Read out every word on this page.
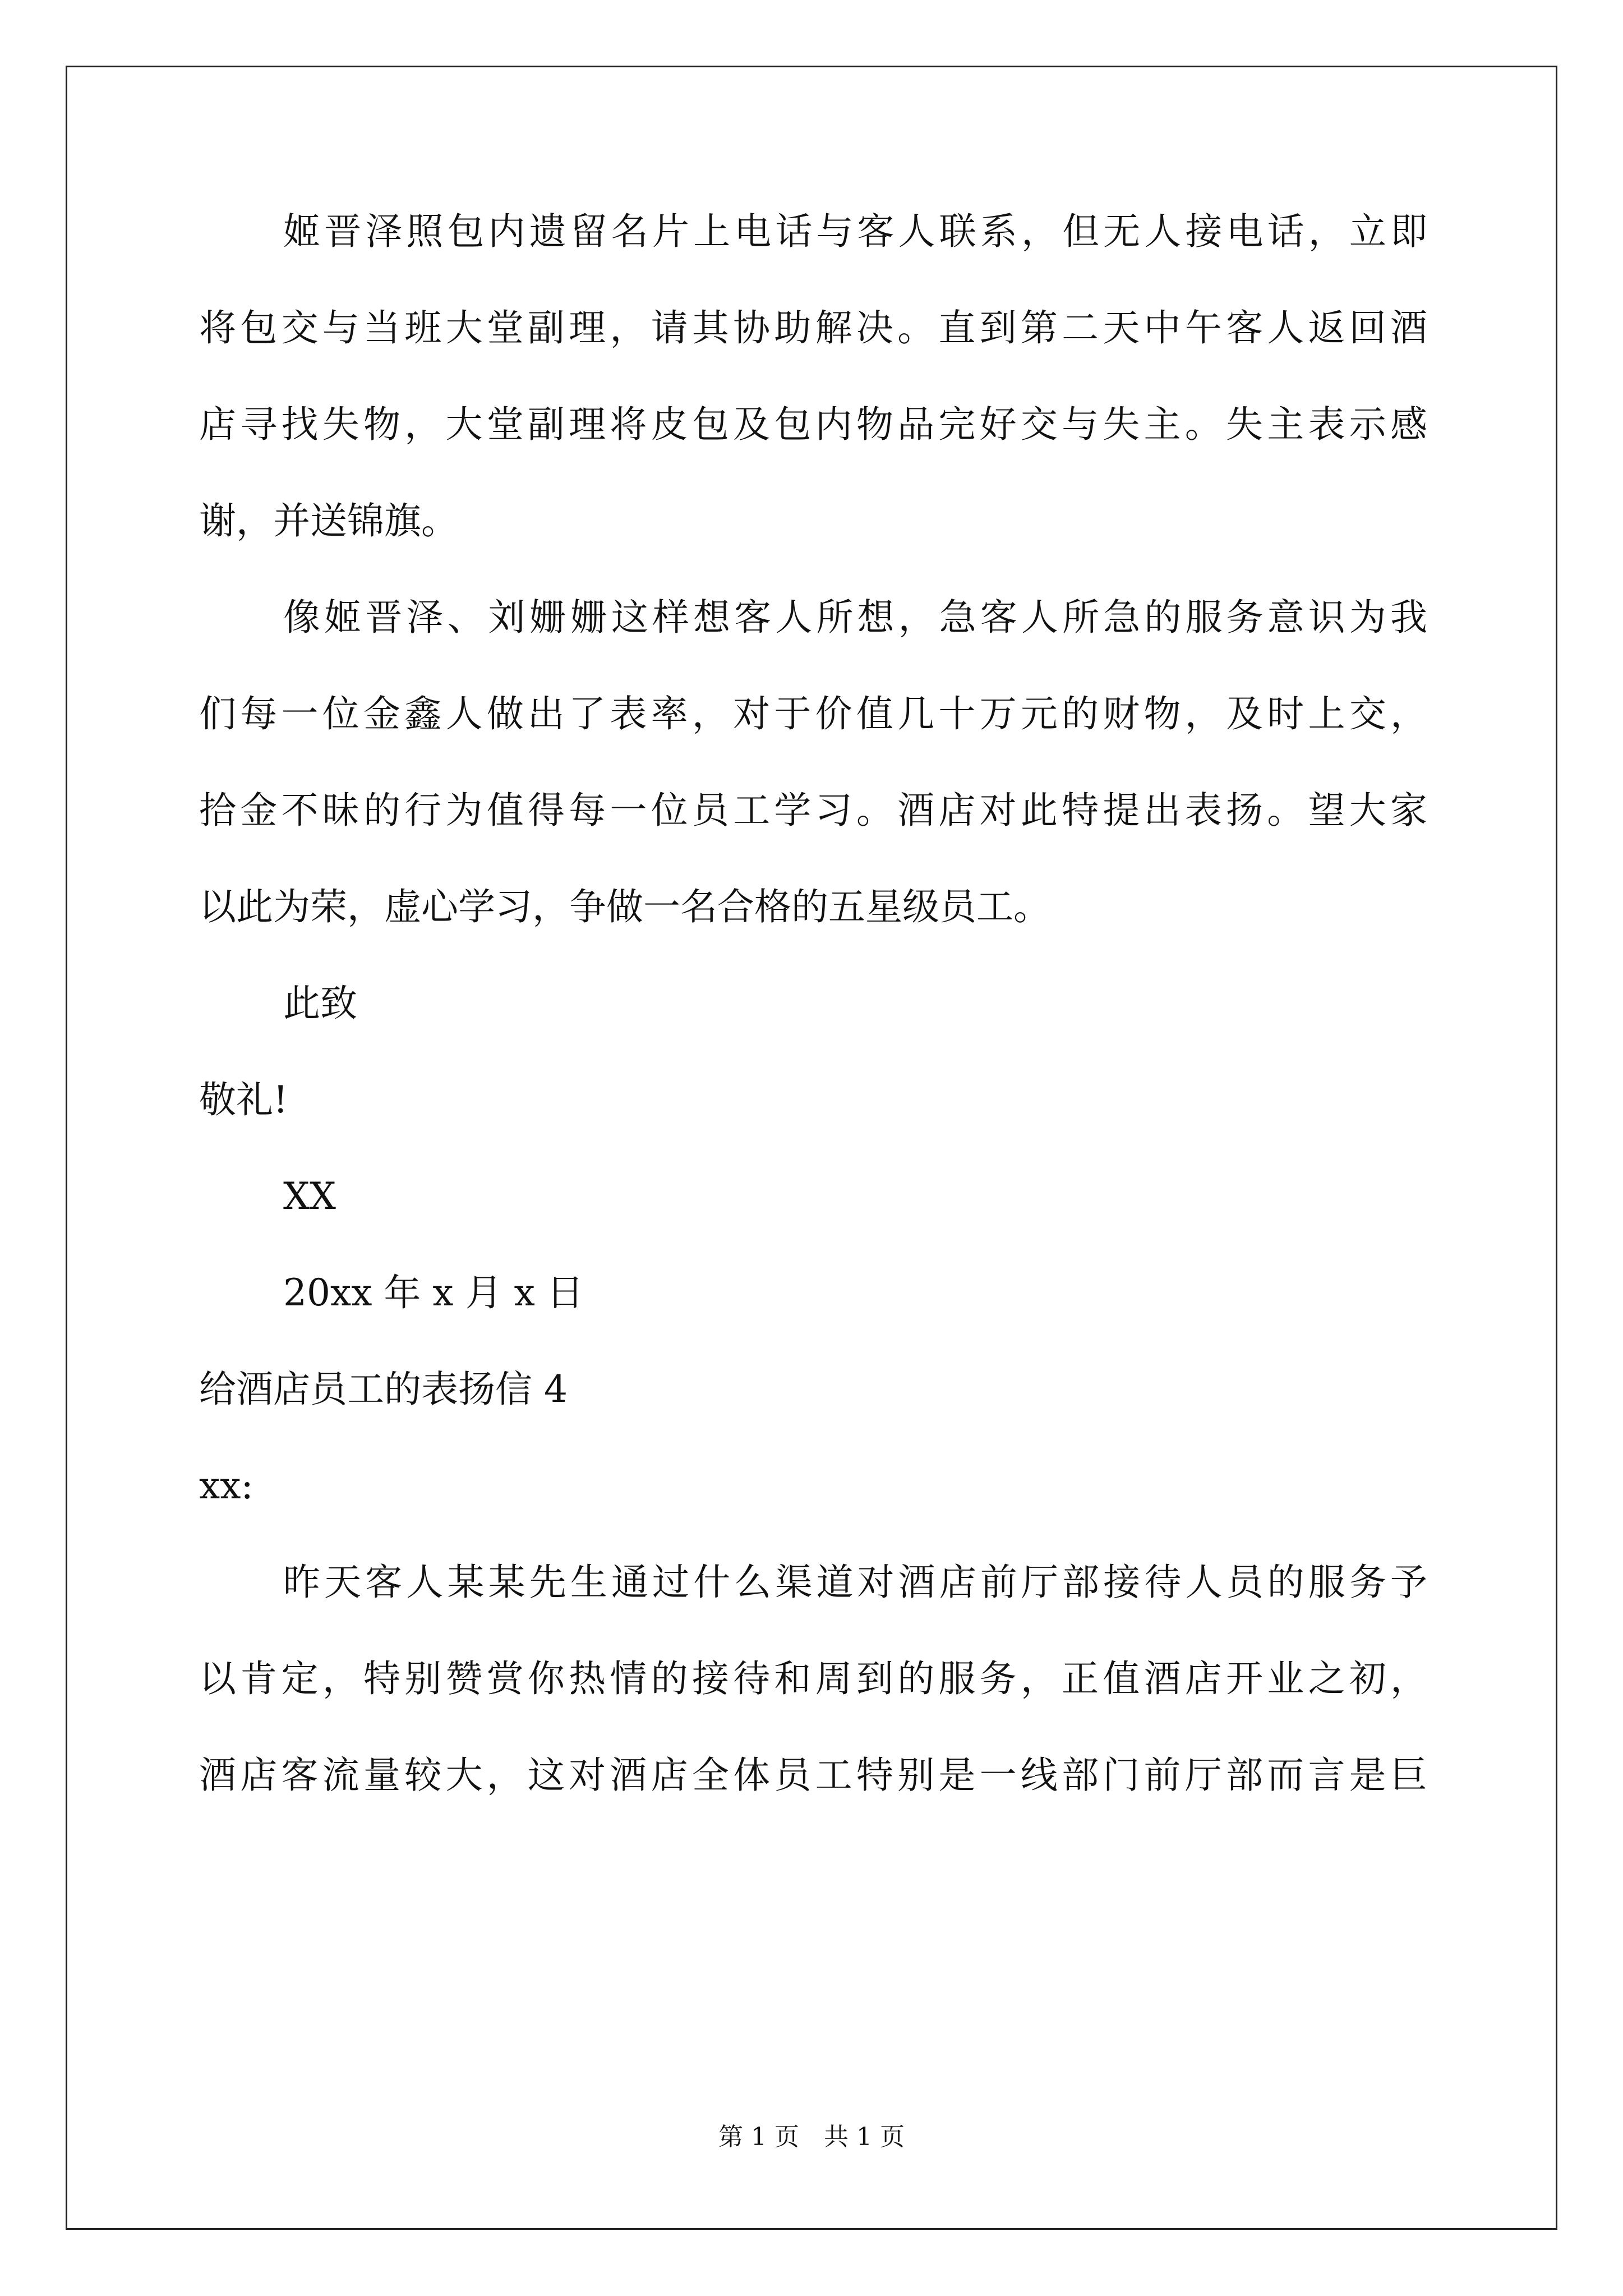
姬晋泽照包内遗留名片上电话与客人联系，但无人接电话，立即
将包交与当班大堂副理，请其协助解决。直到第二天中午客人返回酒
店寻找失物，大堂副理将皮包及包内物品完好交与失主。失主表示感
谢，并送锦旗。
像姬晋泽、刘姗姗这样想客人所想，急客人所急的服务意识为我
们每一位金鑫人做出了表率，对于价值几十万元的财物，及时上交，
拾金不昧的行为值得每一位员工学习。酒店对此特提出表扬。望大家
以此为荣，虚心学习，争做一名合格的五星级员工。
此致
敬礼!
XX
20xx 年 x 月 x 日
给酒店员工的表扬信 4
xx:
昨天客人某某先生通过什么渠道对酒店前厅部接待人员的服务予
以肯定，特别赞赏你热情的接待和周到的服务，正值酒店开业之初，
酒店客流量较大，这对酒店全体员工特别是一线部门前厅部而言是巨
第 1 页　共 1 页
